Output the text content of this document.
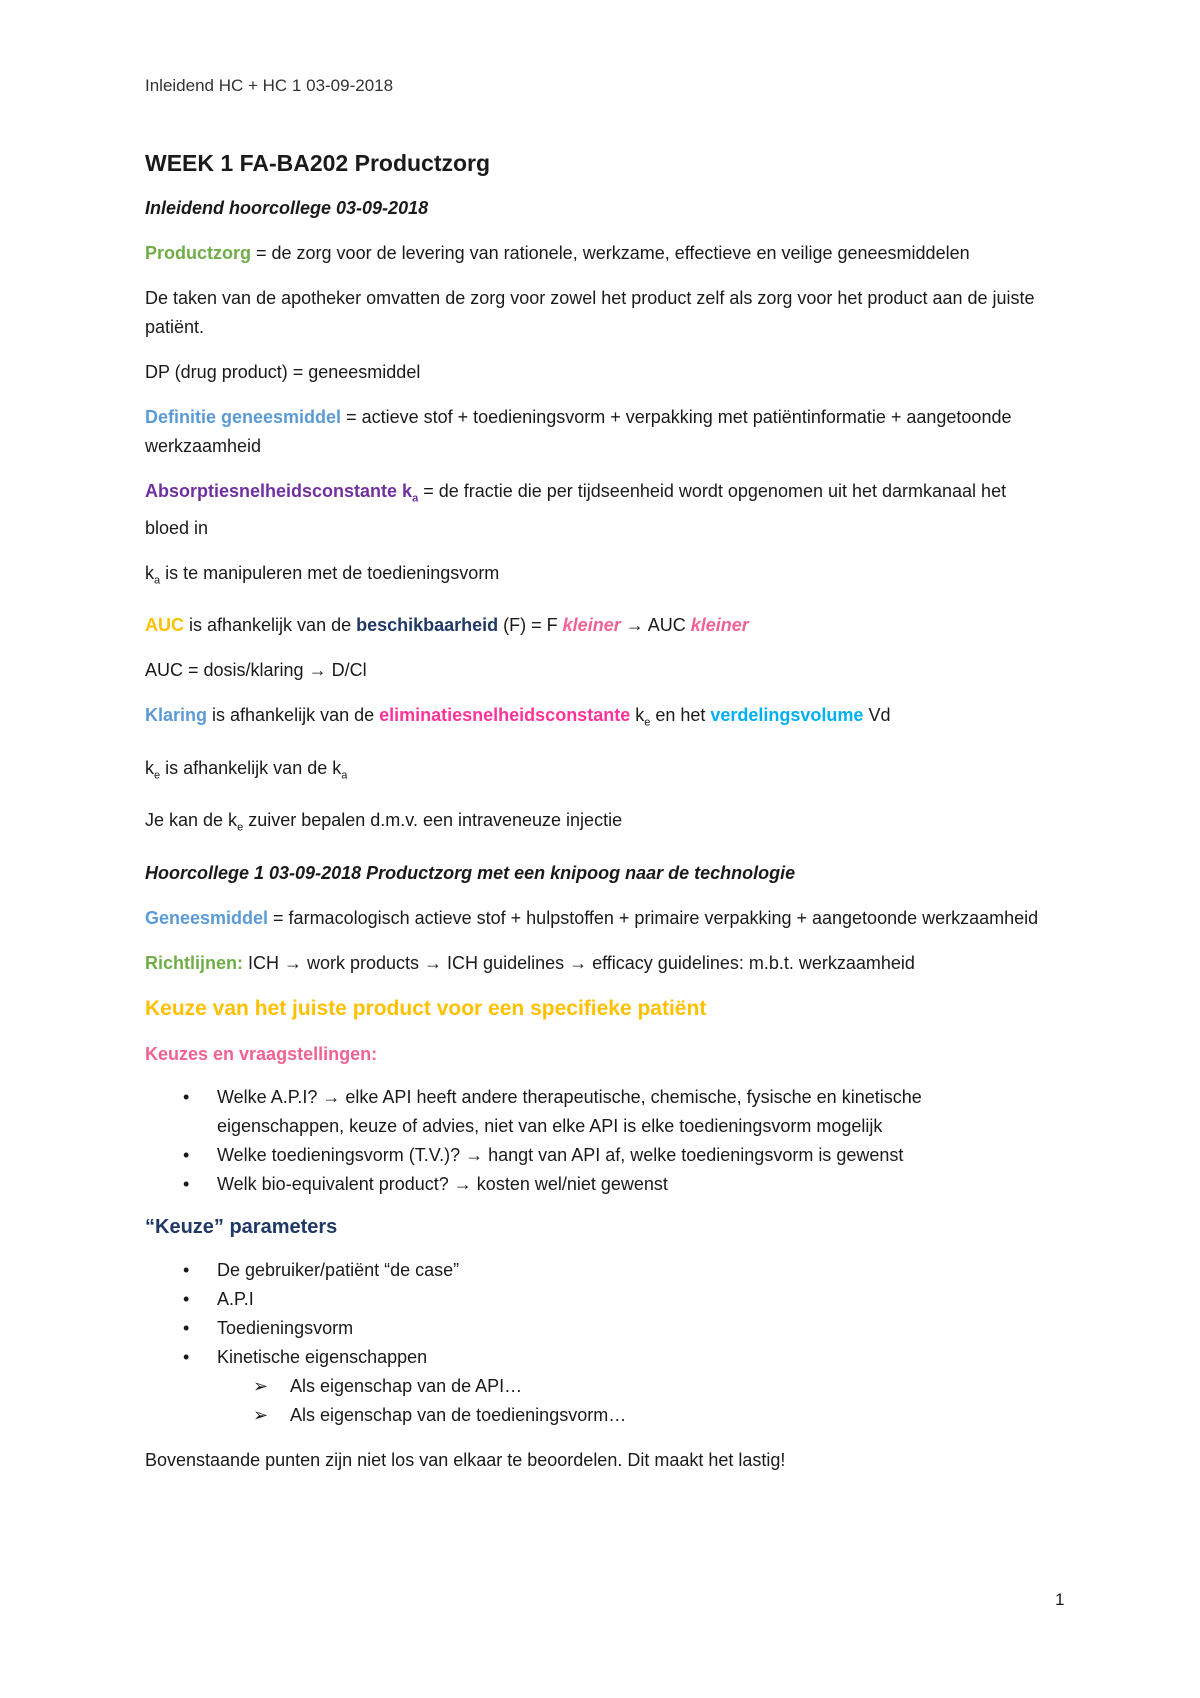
Inleidend HC + HC 1 03-09-2018
WEEK 1 FA-BA202 Productzorg
Inleidend hoorcollege 03-09-2018

Productzorg = de zorg voor de levering van rationele, werkzame, effectieve en veilige geneesmiddelen

De taken van de apotheker omvatten de zorg voor zowel het product zelf als zorg voor het product aan de juiste patiënt.

DP (drug product) = geneesmiddel

Definitie geneesmiddel = actieve stof + toedieningsvorm + verpakking met patiëntinformatie + aangetoonde werkzaamheid

Absorptiesnelheidsconstante $k_a$ = de fractie die per tijdseenheid wordt opgenomen uit het darmkanaal het bloed in

$k_a$ is te manipuleren met de toedieningsvorm

AUC is afhankelijk van de beschikbaarheid (F) = F kleiner → AUC kleiner

AUC = dosis/klaring → D/Cl

Klaring is afhankelijk van de eliminatiesnelheidsconstante $k_e$ en het verdelingsvolume Vd

$k_e$ is afhankelijk van de $k_a$

Je kan de $k_e$ zuiver bepalen d.m.v. een intraveneuze injectie

Hoorcollege 1 03-09-2018 Productzorg met een knipoog naar de technologie

Geneesmiddel = farmacologisch actieve stof + hulpstoffen + primaire verpakking + aangetoonde werkzaamheid

Richtlijnen: ICH → work products → ICH guidelines → efficacy guidelines: m.b.t. werkzaamheid

Keuze van het juiste product voor een specifieke patiënt
Keuzes en vraagstellingen:
• Welke A.P.I? → elke API heeft andere therapeutische, chemische, fysische en kinetische eigenschappen, keuze of advies, niet van elke API is elke toedieningsvorm mogelijk
• Welke toedieningsvorm (T.V.)? → hangt van API af, welke toedieningsvorm is gewenst
• Welk bio-equivalent product? → kosten wel/niet gewenst
“Keuze” parameters
• De gebruiker/patiënt “de case”
• A.P.I
• Toedieningsvorm
• Kinetische eigenschappen
➢ Als eigenschap van de API…
➢ Als eigenschap van de toedieningsvorm…

Bovenstaande punten zijn niet los van elkaar te beoordelen. Dit maakt het lastig!

1
